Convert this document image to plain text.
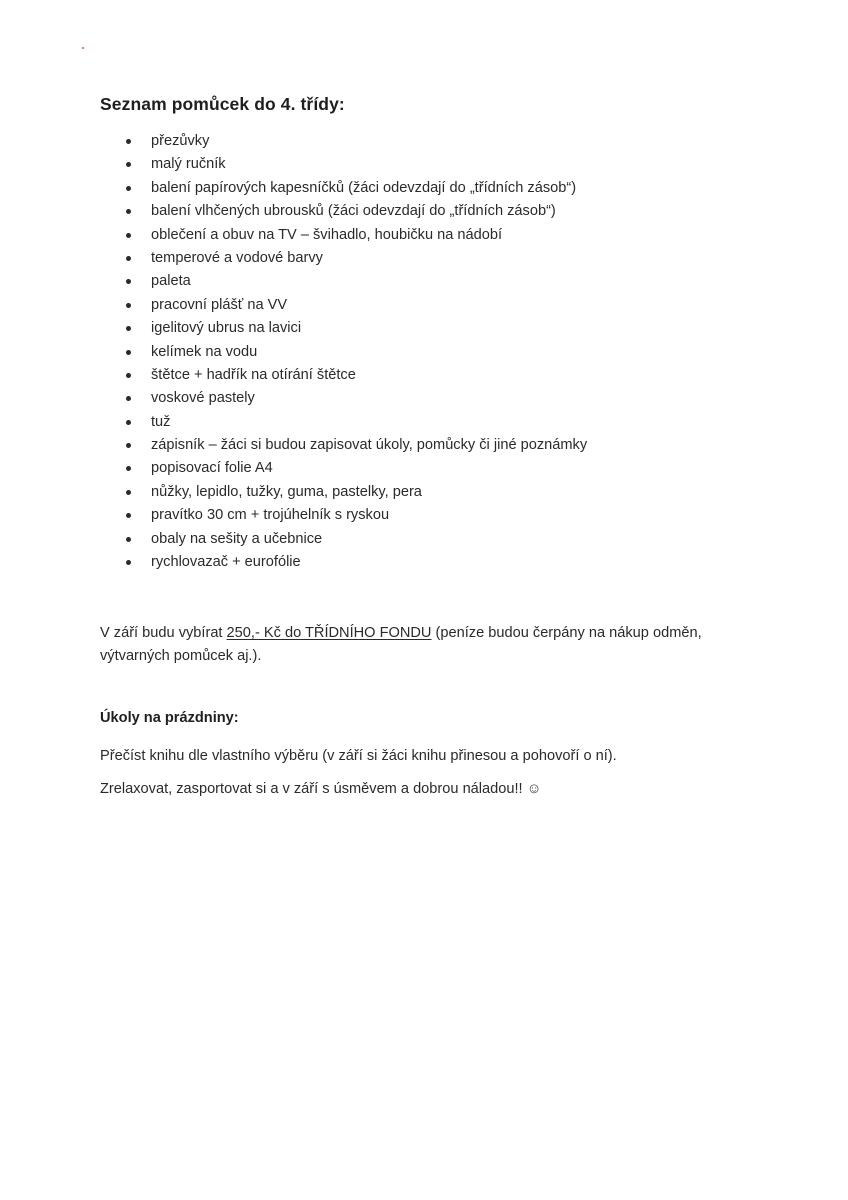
Seznam pomůcek do 4. třídy:
přezůvky
malý ručník
balení papírových kapesníčků (žáci odevzdají do „třídních zásob“)
balení vlhčených ubrousků (žáci odevzdají do „třídních zásob“)
oblečení a obuv na TV – švihadlo, houbičku na nádobí
temperové a vodové barvy
paleta
pracovní plášť na VV
igelitový ubrus na lavici
kelímek na vodu
štětce + hadřík na otírání štětce
voskové pastely
tuž
zápisník – žáci si budou zapisovat úkoly, pomůcky či jiné poznámky
popisovací folie A4
nůžky, lepidlo, tužky, guma, pastelky, pera
pravítko 30 cm + trojúhelník s ryskou
obaly na sešity a učebnice
rychlovazač + eurofólie

V září budu vybírat 250,- Kč do TŘÍDNÍHO FONDU (peníze budou čerpány na nákup odměn,
výtvarných pomůcek aj.).

Úkoly na prázdniny:

Přečíst knihu dle vlastního výběru (v září si žáci knihu přinesou a pohovoří o ní).

Zrelaxovat, zasportovat si a v září s úsměvem a dobrou náladou!! ☺
